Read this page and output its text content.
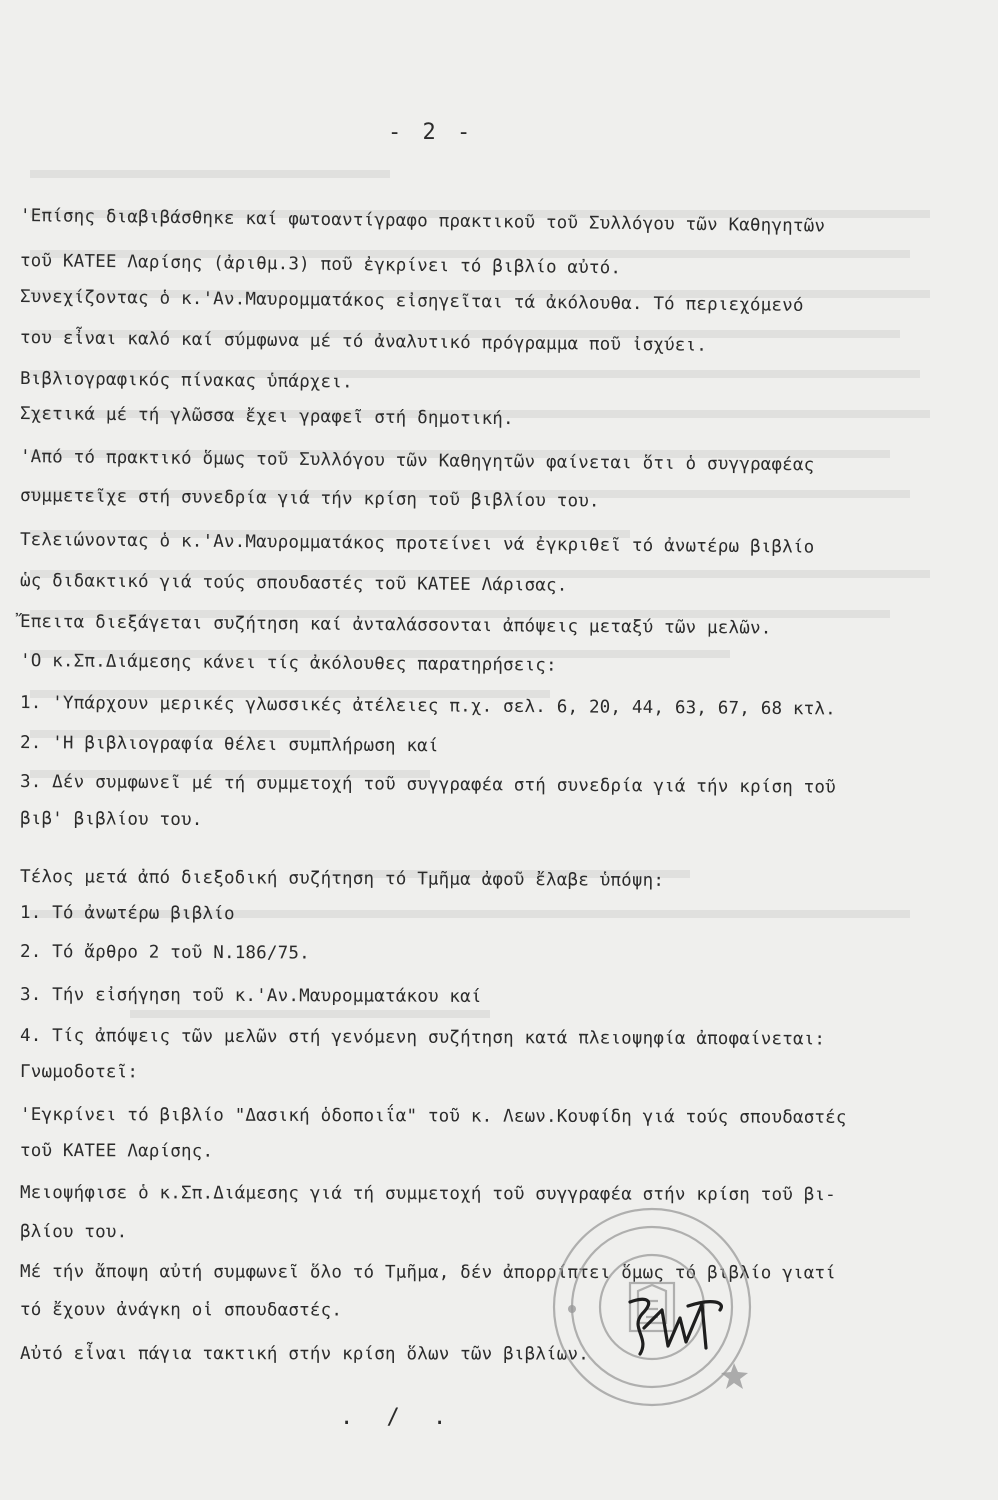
- 2 -
'Επίσης διαβιβάσθηκε καί φωτοαντίγραφο πρακτικοῦ τοῦ Συλλόγου τῶν Καθηγητῶν
τοῦ ΚΑΤΕΕ Λαρίσης (ἀριθμ.3) ποῦ ἐγκρίνει τό βιβλίο αὐτό.
Συνεχίζοντας ὁ κ.'Αν.Μαυρομματάκος εἰσηγεῖται τά ἀκόλουθα. Τό περιεχόμενό
του εἶναι καλό καί σύμφωνα μέ τό ἀναλυτικό πρόγραμμα ποῦ ἰσχύει.
Βιβλιογραφικός πίνακας ὑπάρχει.
Σχετικά μέ τή γλῶσσα ἔχει γραφεῖ στή δημοτική.
'Από τό πρακτικό ὅμως τοῦ Συλλόγου τῶν Καθηγητῶν φαίνεται ὅτι ὁ συγγραφέας
συμμετεῖχε στή συνεδρία γιά τήν κρίση τοῦ βιβλίου του.
Τελειώνοντας ὁ κ.'Αν.Μαυρομματάκος προτείνει νά ἐγκριθεῖ τό ἀνωτέρω βιβλίο
ὡς διδακτικό γιά τούς σπουδαστές τοῦ ΚΑΤΕΕ Λάρισας.
Ἔπειτα διεξάγεται συζήτηση καί ἀνταλάσσονται ἀπόψεις μεταξύ τῶν μελῶν.
'Ο κ.Σπ.Διάμεσης κάνει τίς ἀκόλουθες παρατηρήσεις:
1. 'Υπάρχουν μερικές γλωσσικές ἀτέλειες π.χ. σελ. 6, 20, 44, 63, 67, 68 κτλ.
2. 'Η βιβλιογραφία θέλει συμπλήρωση καί
3. Δέν συμφωνεῖ μέ τή συμμετοχή τοῦ συγγραφέα στή συνεδρία γιά τήν κρίση τοῦ
βιβ' βιβλίου του.
Τέλος μετά ἀπό διεξοδική συζήτηση τό Τμῆμα ἀφοῦ ἔλαβε ὑπόψη:
1. Τό ἀνωτέρω βιβλίο
2. Τό ἄρθρο 2 τοῦ Ν.186/75.
3. Τήν εἰσήγηση τοῦ κ.'Αν.Μαυρομματάκου καί
4. Τίς ἀπόψεις τῶν μελῶν στή γενόμενη συζήτηση κατά πλειοψηφία ἀποφαίνεται:
Γνωμοδοτεῖ:
'Εγκρίνει τό βιβλίο "Δασική ὁδοποιΐα" τοῦ κ. Λεων.Κουφίδη γιά τούς σπουδαστές
τοῦ ΚΑΤΕΕ Λαρίσης.
Μειοψήφισε ὁ κ.Σπ.Διάμεσης γιά τή συμμετοχή τοῦ συγγραφέα στήν κρίση τοῦ βι-
βλίου του.
Μέ τήν ἄποψη αὐτή συμφωνεῖ ὅλο τό Τμῆμα, δέν ἀπορρίπτει ὅμως τό βιβλίο γιατί
τό ἔχουν ἀνάγκη οἱ σπουδαστές.
Αὐτό εἶναι πάγια τακτική στήν κρίση ὅλων τῶν βιβλίων.
. / .
